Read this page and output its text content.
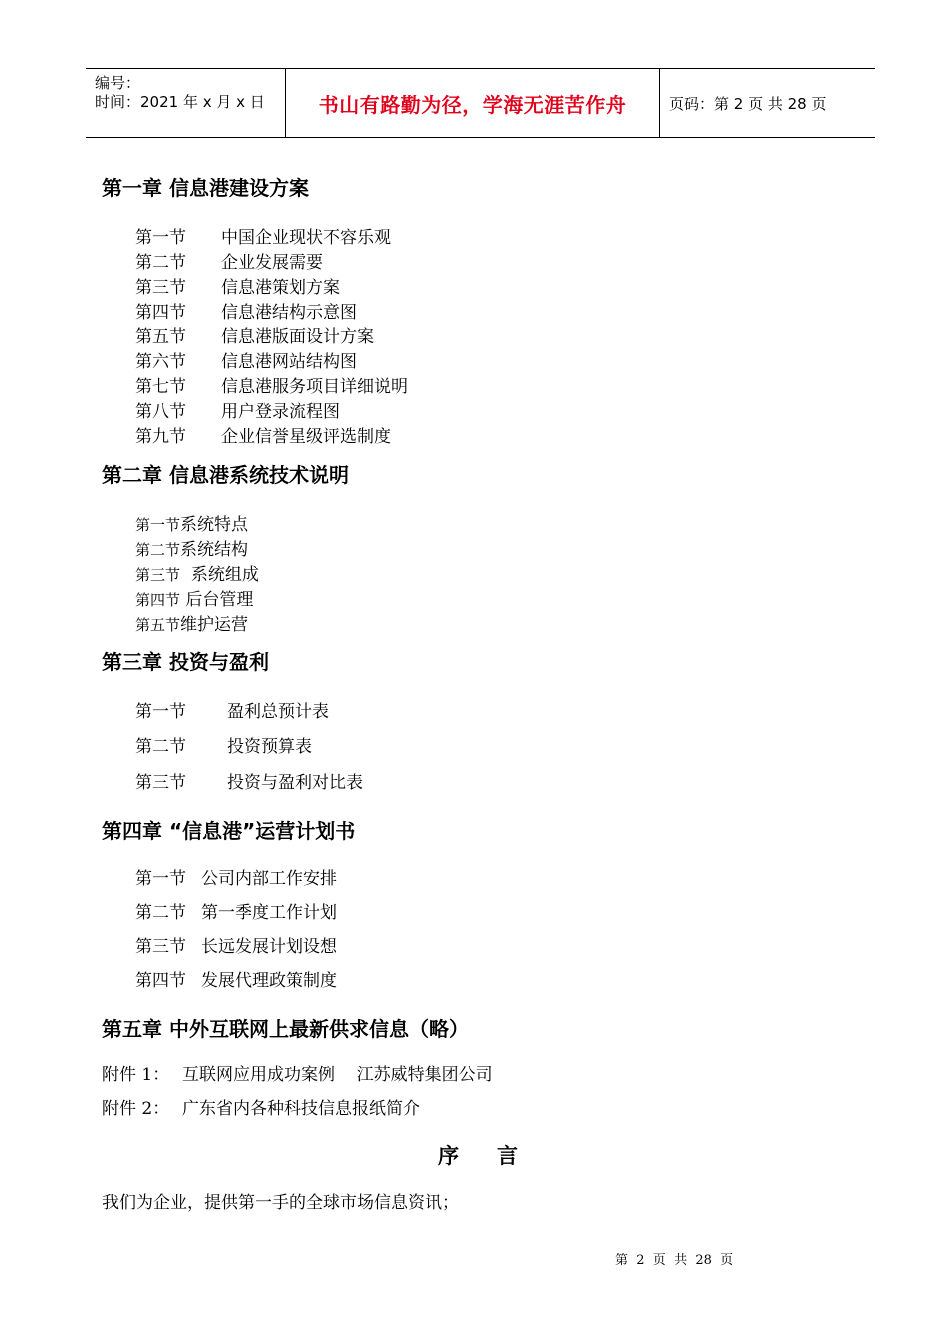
编号：
时间：2021 年 x 月 x 日	书山有路勤为径，学海无涯苦作舟	页码：第 2 页 共 28 页
第一章 信息港建设方案
第一节 中国企业现状不容乐观
第二节 企业发展需要
第三节 信息港策划方案
第四节 信息港结构示意图
第五节 信息港版面设计方案
第六节 信息港网站结构图
第七节 信息港服务项目详细说明
第八节 用户登录流程图
第九节 企业信誉星级评选制度
第二章 信息港系统技术说明
第一节系统特点
第二节系统结构
第三节  系统组成
第四节 后台管理
第五节维护运营
第三章 投资与盈利
第一节 盈利总预计表
第二节 投资预算表
第三节 投资与盈利对比表
第四章 “信息港”运营计划书
第一节 公司内部工作安排
第二节 第一季度工作计划
第三节 长远发展计划设想
第四节 发展代理政策制度
第五章 中外互联网上最新供求信息（略）
附件 1： 互联网应用成功案例    江苏威特集团公司
附件 2： 广东省内各种科技信息报纸简介
序言
我们为企业，提供第一手的全球市场信息资讯；
第  2  页  共  28  页
